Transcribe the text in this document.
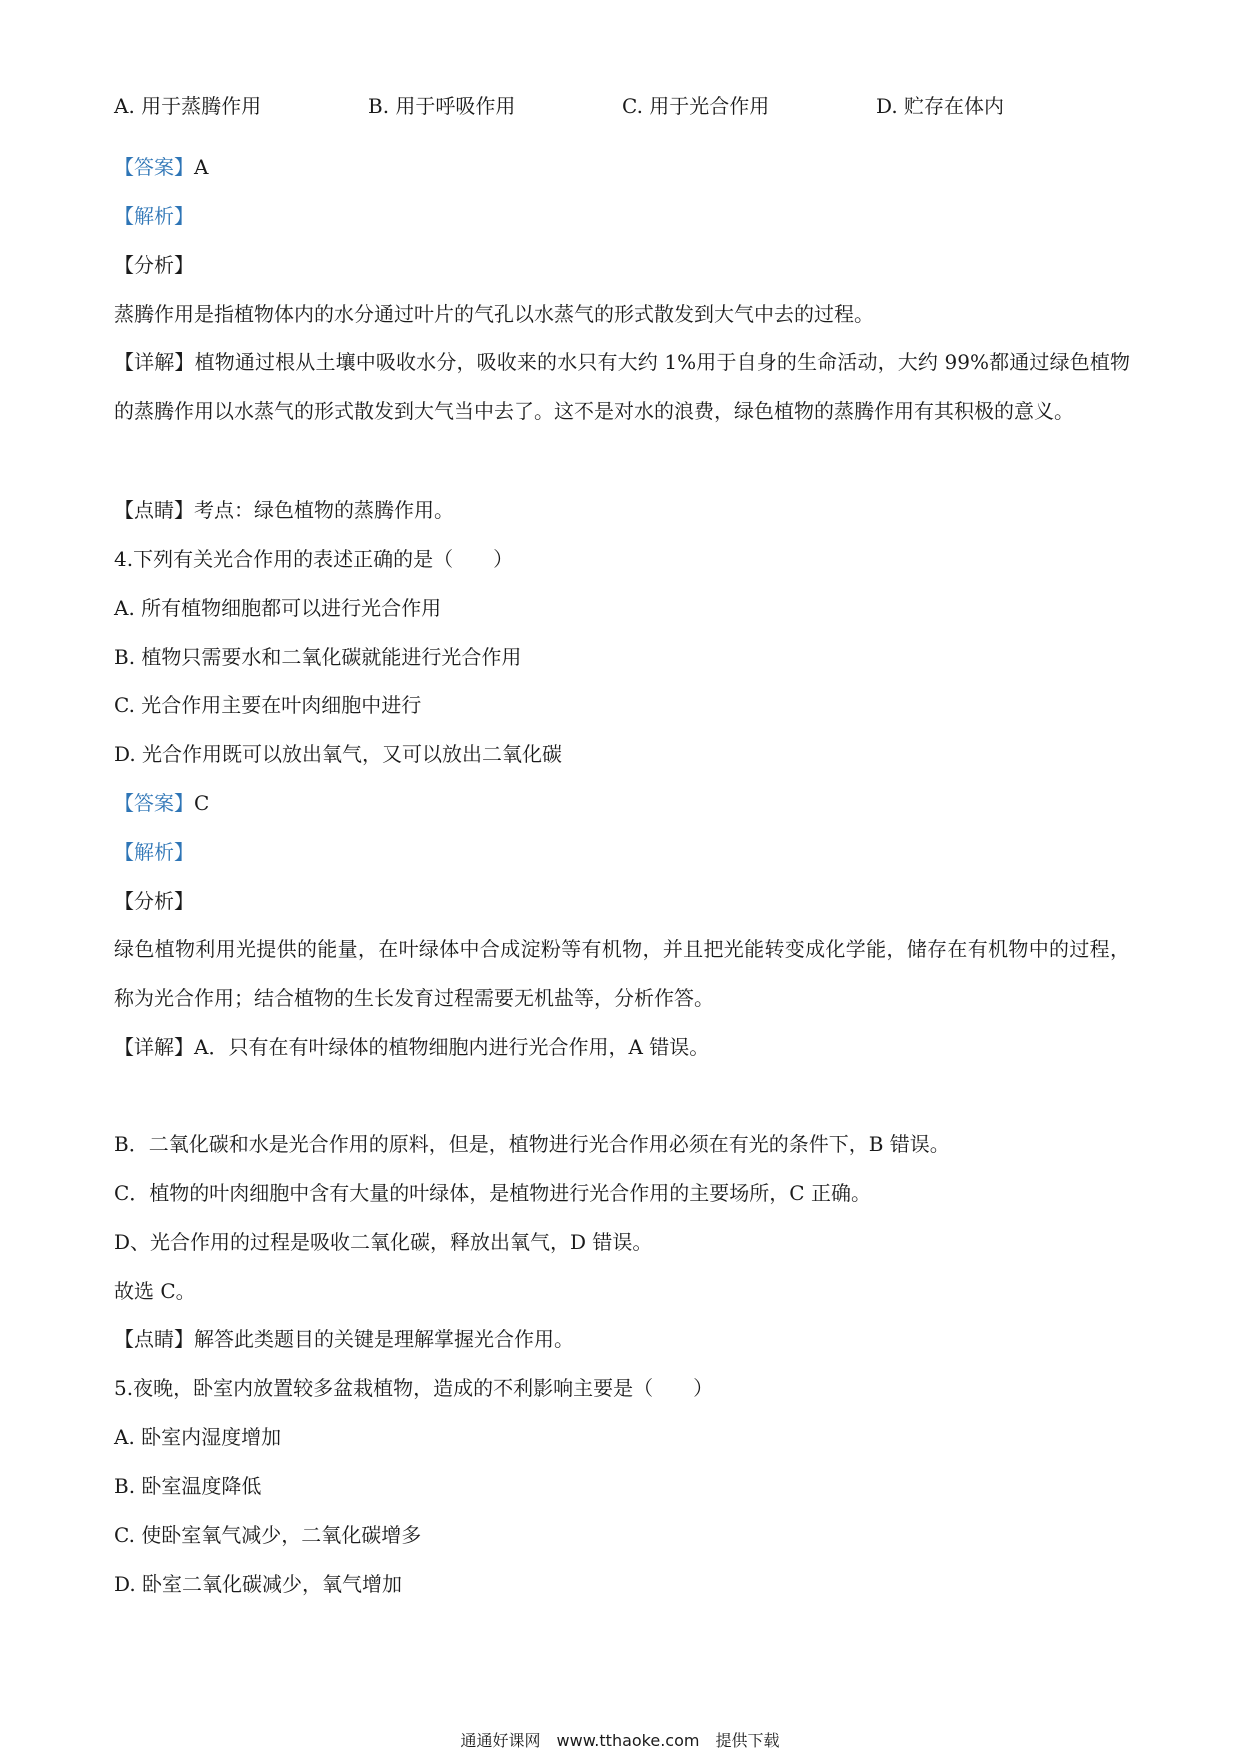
A. 用于蒸腾作用	B. 用于呼吸作用	C. 用于光合作用	D. 贮存在体内
【答案】A
【解析】
【分析】
蒸腾作用是指植物体内的水分通过叶片的气孔以水蒸气的形式散发到大气中去的过程。
【详解】植物通过根从土壤中吸收水分，吸收来的水只有大约 1%用于自身的生命活动，大约 99%都通过绿色植物的蒸腾作用以水蒸气的形式散发到大气当中去了。这不是对水的浪费，绿色植物的蒸腾作用有其积极的意义。
【点睛】考点：绿色植物的蒸腾作用。
4.下列有关光合作用的表述正确的是（　　）
A. 所有植物细胞都可以进行光合作用
B. 植物只需要水和二氧化碳就能进行光合作用
C. 光合作用主要在叶肉细胞中进行
D. 光合作用既可以放出氧气，又可以放出二氧化碳
【答案】C
【解析】
【分析】
绿色植物利用光提供的能量，在叶绿体中合成淀粉等有机物，并且把光能转变成化学能，储存在有机物中的过程，称为光合作用；结合植物的生长发育过程需要无机盐等，分析作答。
【详解】A．只有在有叶绿体的植物细胞内进行光合作用，A 错误。
B．二氧化碳和水是光合作用的原料，但是，植物进行光合作用必须在有光的条件下，B 错误。
C．植物的叶肉细胞中含有大量的叶绿体，是植物进行光合作用的主要场所，C 正确。
D、光合作用的过程是吸收二氧化碳，释放出氧气，D 错误。
故选 C。
【点睛】解答此类题目的关键是理解掌握光合作用。
5.夜晚，卧室内放置较多盆栽植物，造成的不利影响主要是（　　）
A. 卧室内湿度增加
B. 卧室温度降低
C. 使卧室氧气减少，二氧化碳增多
D. 卧室二氧化碳减少，氧气增加
通通好课网　www.tthaoke.com　提供下载
